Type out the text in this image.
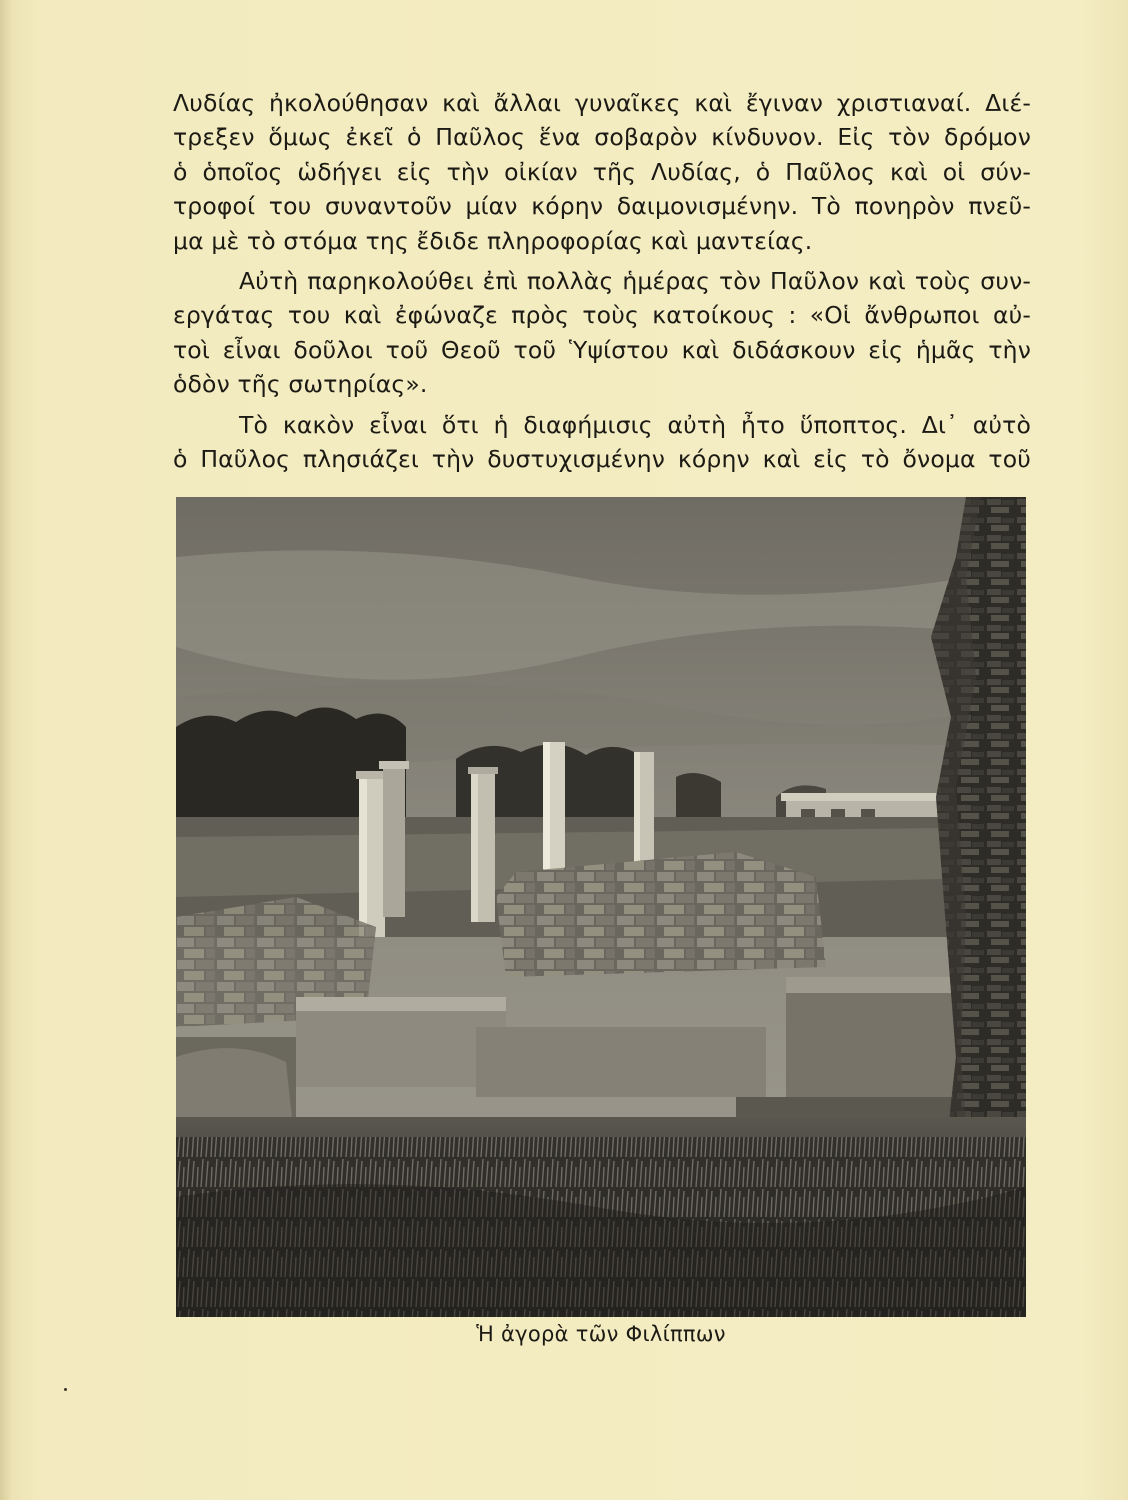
Λυδίας ἠκολούθησαν καὶ ἄλλαι γυναῖκες καὶ ἔγιναν χριστιαναί. Διέ-
τρεξεν ὅμως ἐκεῖ ὁ Παῦλος ἕνα σοβαρὸν κίνδυνον. Εἰς τὸν δρόμον
ὁ ὁποῖος ὡδήγει εἰς τὴν οἰκίαν τῆς Λυδίας, ὁ Παῦλος καὶ οἱ σύν-
τροφοί του συναντοῦν μίαν κόρην δαιμονισμένην. Τὸ πονηρὸν πνεῦ-
μα μὲ τὸ στόμα της ἔδιδε πληροφορίας καὶ μαντείας.
Αὐτὴ παρηκολούθει ἐπὶ πολλὰς ἡμέρας τὸν Παῦλον καὶ τοὺς συν-
εργάτας του καὶ ἐφώναζε πρὸς τοὺς κατοίκους : «Οἱ ἄνθρωποι αὐ-
τοὶ εἶναι δοῦλοι τοῦ Θεοῦ τοῦ Ὑψίστου καὶ διδάσκουν εἰς ἡμᾶς τὴν
ὁδὸν τῆς σωτηρίας».
Τὸ κακὸν εἶναι ὅτι ἡ διαφήμισις αὐτὴ ἦτο ὕποπτος. Δι᾽ αὐτὸ
ὁ Παῦλος πλησιάζει τὴν δυστυχισμένην κόρην καὶ εἰς τὸ ὄνομα τοῦ
Ἡ ἀγορὰ τῶν Φιλίππων
